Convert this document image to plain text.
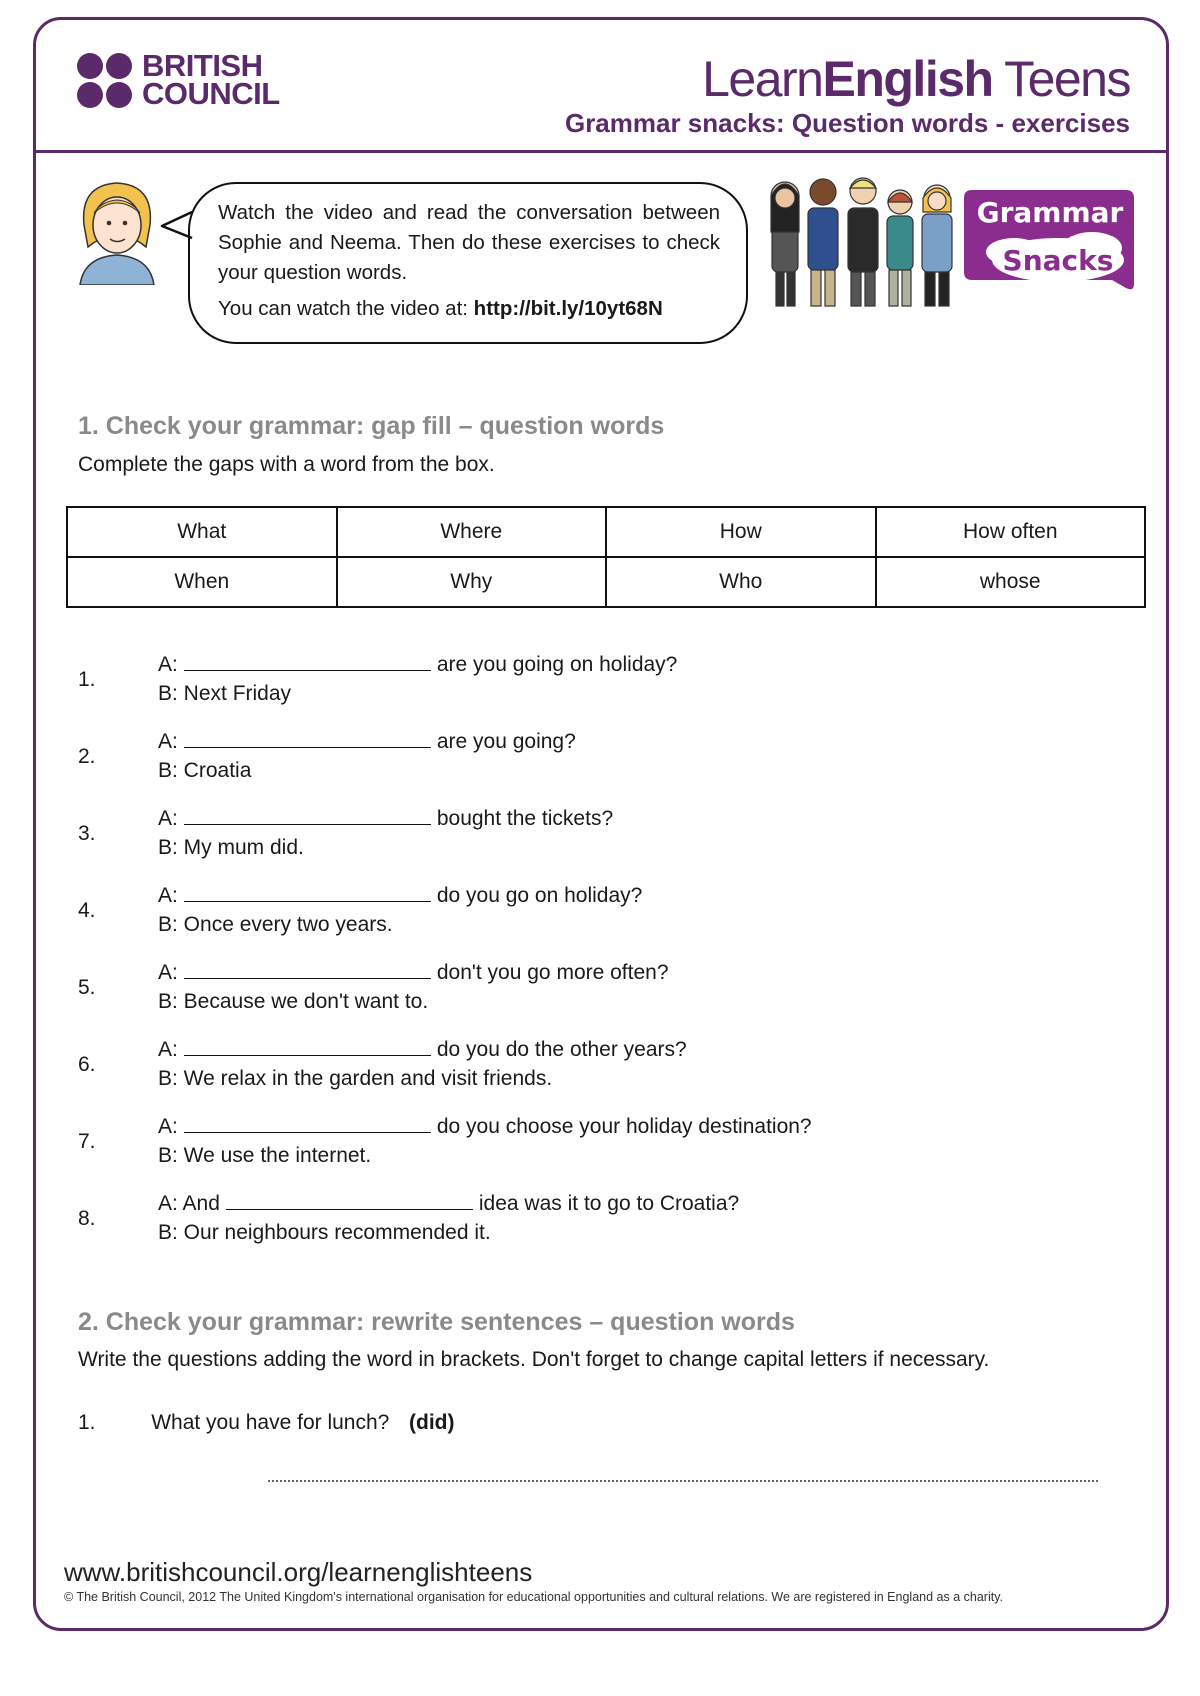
BRITISH
COUNCIL	LearnEnglish Teens
Grammar snacks: Question words - exercises

Watch the video and read the conversation between Sophie and Neema. Then do these exercises to check your question words.

You can watch the video at: http://bit.ly/10yt68N

Grammar
Snacks
1. Check your grammar: gap fill – question words
Complete the gaps with a word from the box.
What	Where	How	How often
When	Why	Who	whose
1.
A:	are you going on holiday?
B: Next Friday
2.
A:	are you going?
B: Croatia
3.
A:	bought the tickets?
B: My mum did.
4.
A:	do you go on holiday?
B: Once every two years.
5.
A:	don't you go more often?
B: Because we don't want to.
6.
A:	do you do the other years?
B: We relax in the garden and visit friends.
7.
A:	do you choose your holiday destination?
B: We use the internet.
8.
A: And	idea was it to go to Croatia?
B: Our neighbours recommended it.
2. Check your grammar: rewrite sentences – question words
Write the questions adding the word in brackets. Don't forget to change capital letters if necessary.
1.	What you have for lunch? (did)
www.britishcouncil.org/learnenglishteens
© The British Council, 2012 The United Kingdom's international organisation for educational opportunities and cultural relations. We are registered in England as a charity.
